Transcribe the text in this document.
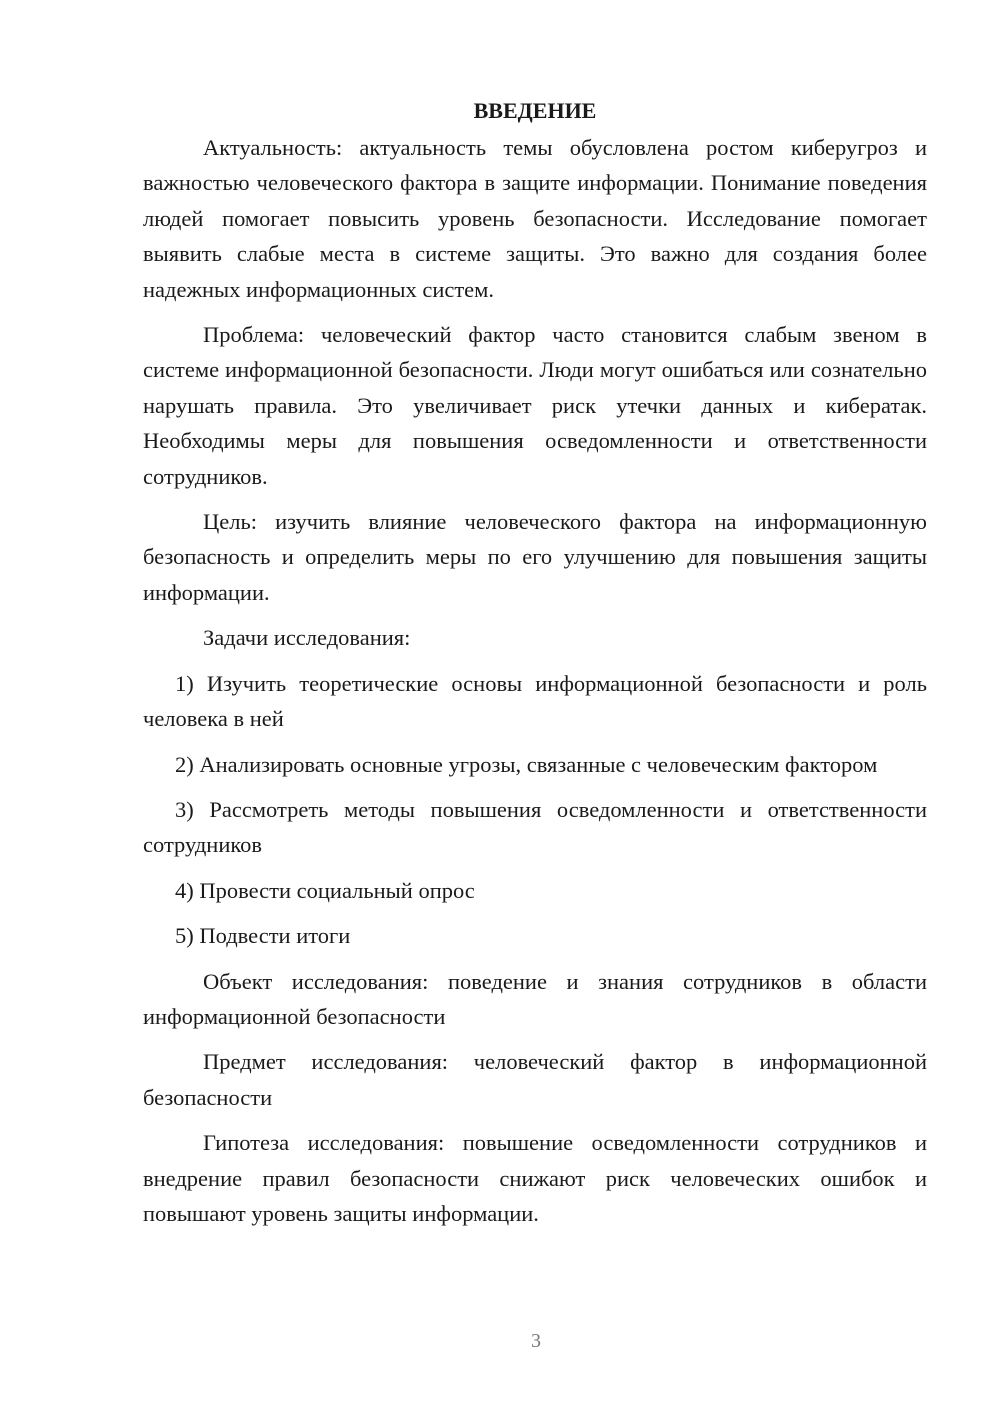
ВВЕДЕНИЕ

Актуальность: актуальность темы обусловлена ростом киберугроз и важностью человеческого фактора в защите информации. Понимание поведения людей помогает повысить уровень безопасности. Исследование помогает выявить слабые места в системе защиты. Это важно для создания более надежных информационных систем.

Проблема: человеческий фактор часто становится слабым звеном в системе информационной безопасности. Люди могут ошибаться или сознательно нарушать правила. Это увеличивает риск утечки данных и кибератак. Необходимы меры для повышения осведомленности и ответственности сотрудников.

Цель: изучить влияние человеческого фактора на информационную безопасность и определить меры по его улучшению для повышения защиты информации.

Задачи исследования:

1) Изучить теоретические основы информационной безопасности и роль человека в ней

2) Анализировать основные угрозы, связанные с человеческим фактором

3) Рассмотреть методы повышения осведомленности и ответственности сотрудников

4) Провести социальный опрос

5) Подвести итоги

Объект исследования: поведение и знания сотрудников в области информационной безопасности

Предмет исследования: человеческий фактор в информационной безопасности

Гипотеза исследования: повышение осведомленности сотрудников и внедрение правил безопасности снижают риск человеческих ошибок и повышают уровень защиты информации.

3
